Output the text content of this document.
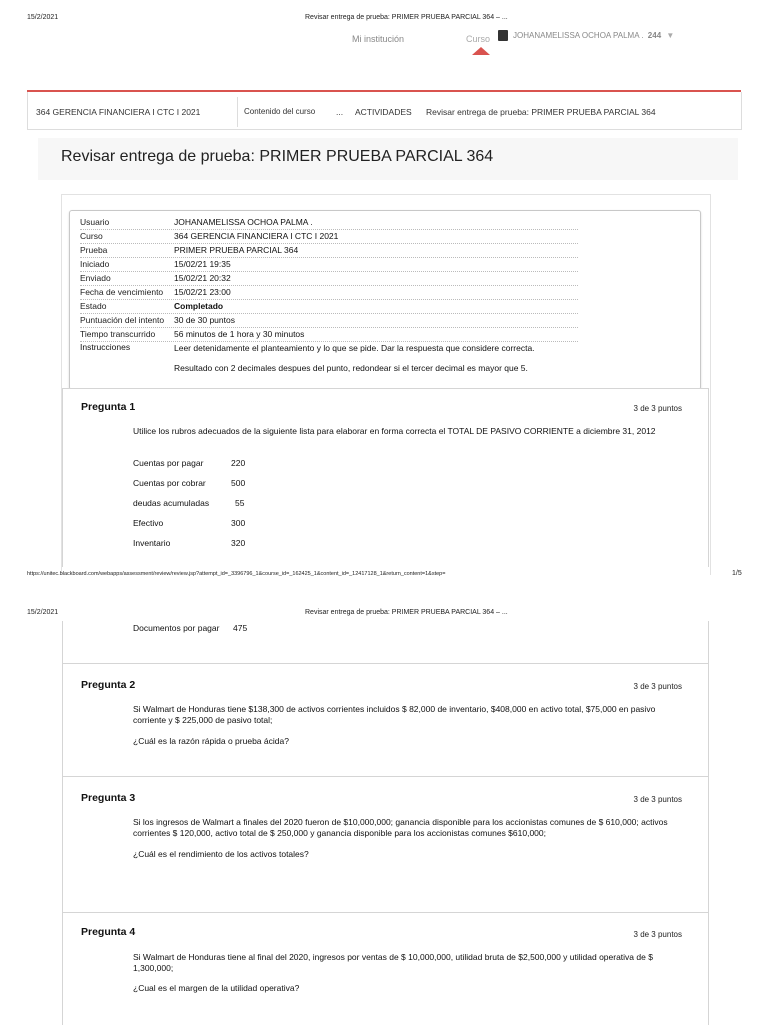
15/2/2021	Revisar entrega de prueba: PRIMER PRUEBA PARCIAL 364 – ...
Mi institución	Curso	JOHANAMELISSA OCHOA PALMA . 244 ▼
364 GERENCIA FINANCIERA I CTC I 2021	Contenido del curso ... ACTIVIDADES Revisar entrega de prueba: PRIMER PRUEBA PARCIAL 364
Revisar entrega de prueba: PRIMER PRUEBA PARCIAL 364
Usuario	JOHANAMELISSA OCHOA PALMA .
Curso	364 GERENCIA FINANCIERA I CTC I 2021
Prueba	PRIMER PRUEBA PARCIAL 364
Iniciado	15/02/21 19:35
Enviado	15/02/21 20:32
Fecha de vencimiento 15/02/21 23:00
Estado	Completado
Puntuación del intento 30 de 30 puntos
Tiempo transcurrido 56 minutos de 1 hora y 30 minutos
Instrucciones	Leer detenidamente el planteamiento y lo que se pide. Dar la respuesta que considere correcta.
Resultado con 2 decimales despues del punto, redondear si el tercer decimal es mayor que 5.
Pregunta 1	3 de 3 puntos
Utilice los rubros adecuados de la siguiente lista para elaborar en forma correcta el TOTAL DE PASIVO CORRIENTE a diciembre 31, 2012
Cuentas por pagar	220
Cuentas por cobrar	500
deudas acumuladas	55
Efectivo	300
Inventario	320
https://unitec.blackboard.com/webapps/assessment/review/review.jsp?attempt_id=_3396796_1&course_id=_162425_1&content_id=_12417128_1&return_content=1&step=	1/5
15/2/2021	Revisar entrega de prueba: PRIMER PRUEBA PARCIAL 364 – ...
Documentos por pagar 475
Pregunta 2	3 de 3 puntos
Si Walmart de Honduras tiene $138,300 de activos corrientes incluidos $ 82,000 de inventario, $408,000 en activo total, $75,000 en pasivo corriente y $ 225,000 de pasivo total;
¿Cuál es la razón rápida o prueba ácida?
Pregunta 3	3 de 3 puntos
Si los ingresos de Walmart a finales del 2020 fueron de $10,000,000; ganancia disponible para los accionistas comunes de $ 610,000; activos corrientes $ 120,000, activo total de $ 250,000 y ganancia disponible para los accionistas comunes $610,000;
¿Cuál es el rendimiento de los activos totales?
Pregunta 4	3 de 3 puntos
Si Walmart de Honduras tiene al final del 2020, ingresos por ventas de $ 10,000,000, utilidad bruta de $2,500,000 y utilidad operativa de $ 1,300,000;
¿Cual es el margen de la utilidad operativa?
